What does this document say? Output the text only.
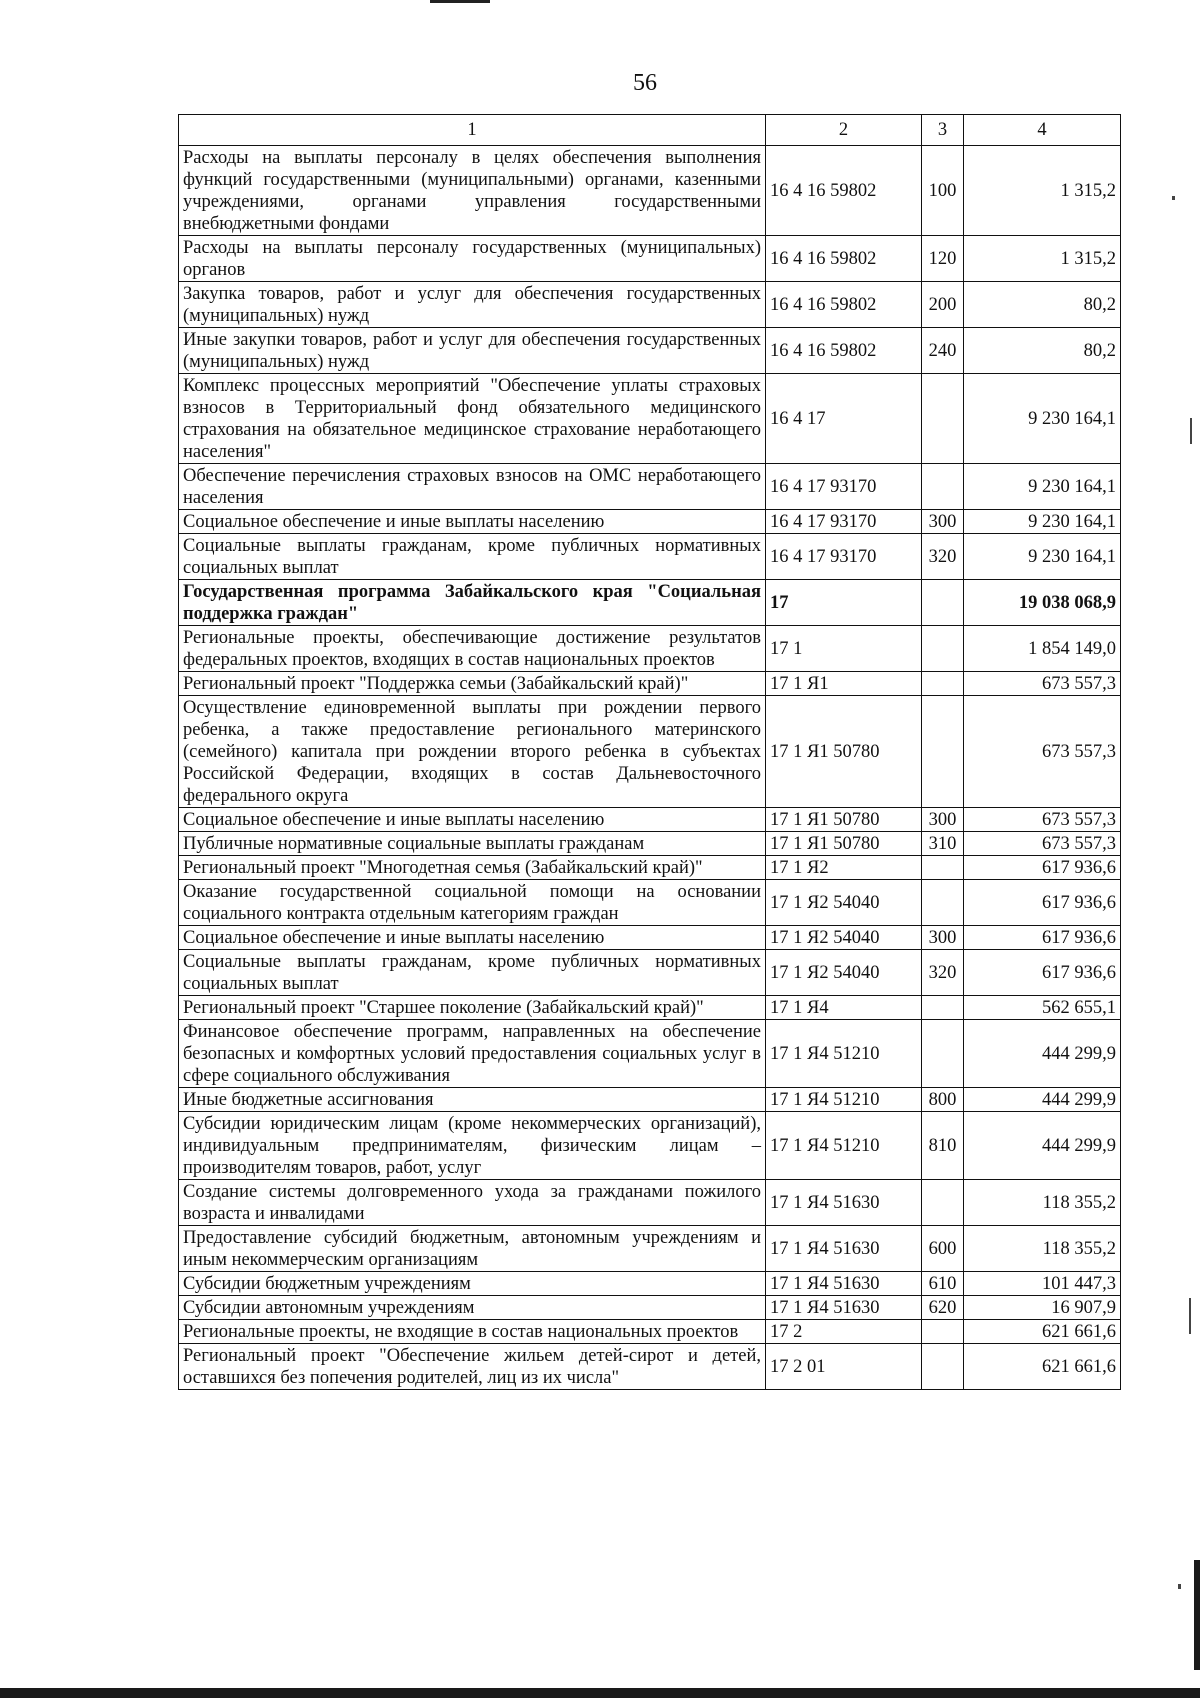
56
1	2	3	4
Расходы на выплаты персоналу в целях обеспечения выполнения функций государственными (муниципальными) органами, казенными учреждениями, органами управления государственными внебюджетными фондами	16 4 16 59802	100	1 315,2
Расходы на выплаты персоналу государственных (муниципальных) органов	16 4 16 59802	120	1 315,2
Закупка товаров, работ и услуг для обеспечения государственных (муниципальных) нужд	16 4 16 59802	200	80,2
Иные закупки товаров, работ и услуг для обеспечения государственных (муниципальных) нужд	16 4 16 59802	240	80,2
Комплекс процессных мероприятий "Обеспечение уплаты страховых взносов в Территориальный фонд обязательного медицинского страхования на обязательное медицинское страхование неработающего населения"	16 4 17		9 230 164,1
Обеспечение перечисления страховых взносов на ОМС неработающего населения	16 4 17 93170		9 230 164,1
Социальное обеспечение и иные выплаты населению	16 4 17 93170	300	9 230 164,1
Социальные выплаты гражданам, кроме публичных нормативных социальных выплат	16 4 17 93170	320	9 230 164,1
Государственная программа Забайкальского края "Социальная поддержка граждан"	17		19 038 068,9
Региональные проекты, обеспечивающие достижение результатов федеральных проектов, входящих в состав национальных проектов	17 1		1 854 149,0
Региональный проект "Поддержка семьи (Забайкальский край)"	17 1 Я1		673 557,3
Осуществление единовременной выплаты при рождении первого ребенка, а также предоставление регионального материнского (семейного) капитала при рождении второго ребенка в субъектах Российской Федерации, входящих в состав Дальневосточного федерального округа	17 1 Я1 50780		673 557,3
Социальное обеспечение и иные выплаты населению	17 1 Я1 50780	300	673 557,3
Публичные нормативные социальные выплаты гражданам	17 1 Я1 50780	310	673 557,3
Региональный проект "Многодетная семья (Забайкальский край)"	17 1 Я2		617 936,6
Оказание государственной социальной помощи на основании социального контракта отдельным категориям граждан	17 1 Я2 54040		617 936,6
Социальное обеспечение и иные выплаты населению	17 1 Я2 54040	300	617 936,6
Социальные выплаты гражданам, кроме публичных нормативных социальных выплат	17 1 Я2 54040	320	617 936,6
Региональный проект "Старшее поколение (Забайкальский край)"	17 1 Я4		562 655,1
Финансовое обеспечение программ, направленных на обеспечение безопасных и комфортных условий предоставления социальных услуг в сфере социального обслуживания	17 1 Я4 51210		444 299,9
Иные бюджетные ассигнования	17 1 Я4 51210	800	444 299,9
Субсидии юридическим лицам (кроме некоммерческих организаций), индивидуальным предпринимателям, физическим лицам – производителям товаров, работ, услуг	17 1 Я4 51210	810	444 299,9
Создание системы долговременного ухода за гражданами пожилого возраста и инвалидами	17 1 Я4 51630		118 355,2
Предоставление субсидий бюджетным, автономным учреждениям и иным некоммерческим организациям	17 1 Я4 51630	600	118 355,2
Субсидии бюджетным учреждениям	17 1 Я4 51630	610	101 447,3
Субсидии автономным учреждениям	17 1 Я4 51630	620	16 907,9
Региональные проекты, не входящие в состав национальных проектов	17 2		621 661,6
Региональный проект "Обеспечение жильем детей-сирот и детей, оставшихся без попечения родителей, лиц из их числа"	17 2 01		621 661,6
